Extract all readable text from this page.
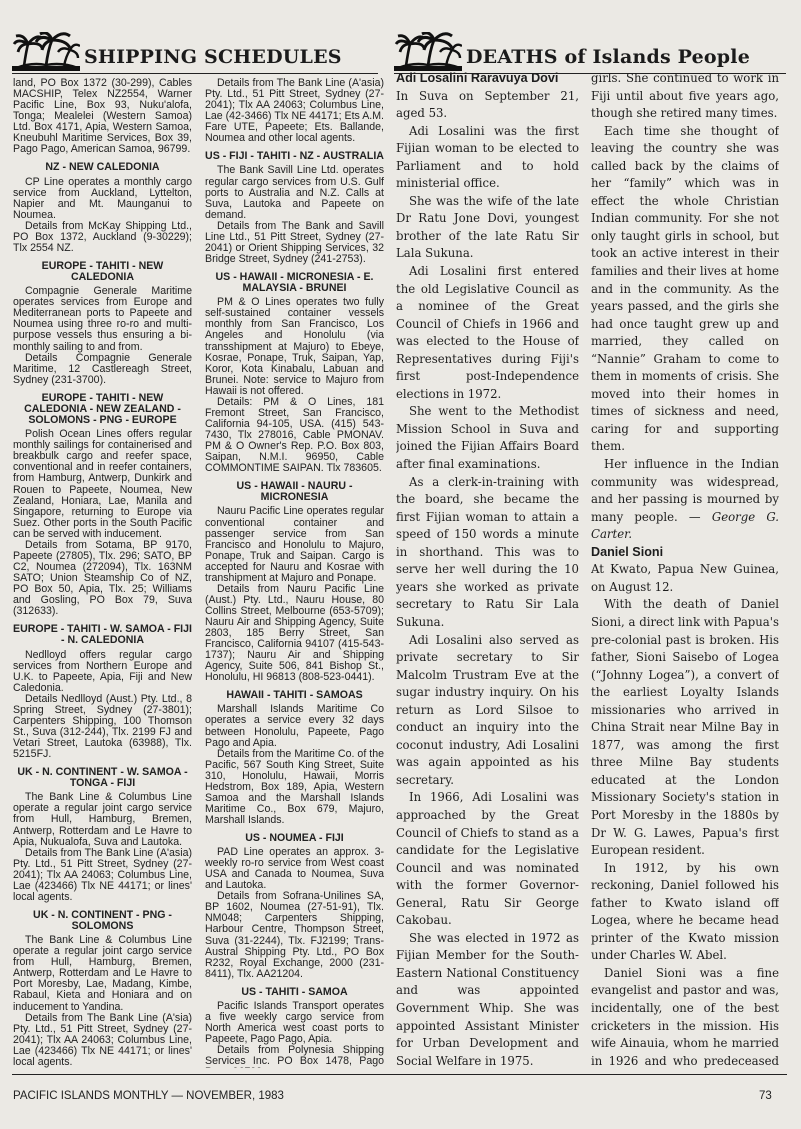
SHIPPING SCHEDULES	DEATHS of Islands People

land, PO Box 1372 (30-299), Cables MACSHIP, Telex NZ2554, Warner Pacific Line, Box 93, Nuku'alofa, Tonga; Mealelei (Western Samoa) Ltd. Box 4171, Apia, Western Samoa, Kneubuhl Maritime Services, Box 39, Pago Pago, American Samoa, 96799.

NZ - NEW CALEDONIA

CP Line operates a monthly cargo service from Auckland, Lyttelton, Napier and Mt. Maunganui to Noumea.

Details from McKay Shipping Ltd., PO Box 1372, Auckland (9-30229); Tlx 2554 NZ.

EUROPE - TAHITI - NEW CALEDONIA

Compagnie Generale Maritime operates services from Europe and Mediterranean ports to Papeete and Noumea using three ro-ro and multi-purpose vessels thus ensuring a bi-monthly sailing to and from.

Details Compagnie Generale Maritime, 12 Castlereagh Street, Sydney (231-3700).

EUROPE - TAHITI - NEW CALEDONIA - NEW ZEALAND - SOLOMONS - PNG - EUROPE

Polish Ocean Lines offers regular monthly sailings for containerised and breakbulk cargo and reefer space, conventional and in reefer containers, from Hamburg, Antwerp, Dunkirk and Rouen to Papeete, Noumea, New Zealand, Honiara, Lae, Manila and Singapore, returning to Europe via Suez. Other ports in the South Pacific can be served with inducement.

Details from Sotama, BP 9170, Papeete (27805), Tlx. 296; SATO, BP C2, Noumea (272094), Tlx. 163NM SATO; Union Steamship Co of NZ, PO Box 50, Apia, Tlx. 25; Williams and Gosling, PO Box 79, Suva (312633).

EUROPE - TAHITI - W. SAMOA - FIJI - N. CALEDONIA

Nedlloyd offers regular cargo services from Northern Europe and U.K. to Papeete, Apia, Fiji and New Caledonia.

Details Nedlloyd (Aust.) Pty. Ltd., 8 Spring Street, Sydney (27-3801); Carpenters Shipping, 100 Thomson St., Suva (312-244), Tlx. 2199 FJ and Vetari Street, Lautoka (63988), Tlx. 5215FJ.

UK - N. CONTINENT - W. SAMOA - TONGA - FIJI

The Bank Line & Columbus Line operate a regular joint cargo service from Hull, Hamburg, Bremen, Antwerp, Rotterdam and Le Havre to Apia, Nukualofa, Suva and Lautoka.

Details from The Bank Line (A'asia) Pty. Ltd., 51 Pitt Street, Sydney (27-2041); Tlx AA 24063; Columbus Line, Lae (423466) Tlx NE 44171; or lines' local agents.

UK - N. CONTINENT - PNG - SOLOMONS

The Bank Line & Columbus Line operate a regular joint cargo service from Hull, Hamburg, Bremen, Antwerp, Rotterdam and Le Havre to Port Moresby, Lae, Madang, Kimbe, Rabaul, Kieta and Honiara and on inducement to Yandina.

Details from The Bank Line (A'sia) Pty. Ltd., 51 Pitt Street, Sydney (27-2041); Tlx AA 24063; Columbus Line, Lae (423466) Tlx NE 44171; or lines' local agents.

Details from The Bank Line (A'asia) Pty. Ltd., 51 Pitt Street, Sydney (27-2041); Tlx AA 24063; Columbus Line, Lae (42-3466) Tlx NE 44171; Ets A.M. Fare UTE, Papeete; Ets. Ballande, Noumea and other local agents.

US - FIJI - TAHITI - NZ - AUSTRALIA

The Bank Savill Line Ltd. operates regular cargo services from U.S. Gulf ports to Australia and N.Z. Calls at Suva, Lautoka and Papeete on demand.

Details from The Bank and Savill Line Ltd., 51 Pitt Street, Sydney (27-2041) or Orient Shipping Services, 32 Bridge Street, Sydney (241-2753).

US - HAWAII - MICRONESIA - E. MALAYSIA - BRUNEI

PM & O Lines operates two fully self-sustained container vessels monthly from San Francisco, Los Angeles and Honolulu (via transshipment at Majuro) to Ebeye, Kosrae, Ponape, Truk, Saipan, Yap, Koror, Kota Kinabalu, Labuan and Brunei. Note: service to Majuro from Hawaii is not offered.

Details: PM & O Lines, 181 Fremont Street, San Francisco, California 94-105, USA. (415) 543-7430, Tlx 278016, Cable PMONAV. PM & O Owner's Rep. P.O. Box 803, Saipan, N.M.I. 96950, Cable COMMONTIME SAIPAN. Tlx 783605.

US - HAWAII - NAURU - MICRONESIA

Nauru Pacific Line operates regular conventional container and passenger service from San Francisco and Honolulu to Majuro, Ponape, Truk and Saipan. Cargo is accepted for Nauru and Kosrae with transhipment at Majuro and Ponape.

Details from Nauru Pacific Line (Aust.) Pty. Ltd., Nauru House, 80 Collins Street, Melbourne (653-5709); Nauru Air and Shipping Agency, Suite 2803, 185 Berry Street, San Francisco, California 94107 (415-543-1737); Nauru Air and Shipping Agency, Suite 506, 841 Bishop St., Honolulu, HI 96813 (808-523-0441).

HAWAII - TAHITI - SAMOAS

Marshall Islands Maritime Co operates a service every 32 days between Honolulu, Papeete, Pago Pago and Apia.

Details from the Maritime Co. of the Pacific, 567 South King Street, Suite 310, Honolulu, Hawaii, Morris Hedstrom, Box 189, Apia, Western Samoa and the Marshall Islands Maritime Co., Box 679, Majuro, Marshall Islands.

US - NOUMEA - FIJI

PAD Line operates an approx. 3-weekly ro-ro service from West coast USA and Canada to Noumea, Suva and Lautoka.

Details from Sofrana-Unilines SA, BP 1602, Noumea (27-51-91), Tlx. NM048; Carpenters Shipping, Harbour Centre, Thompson Street, Suva (31-2244), Tlx. FJ2199; Trans-Austral Shipping Pty. Ltd., PO Box R232, Royal Exchange, 2000 (231-8411), Tlx. AA21204.

US - TAHITI - SAMOA

Pacific Islands Transport operates a five weekly cargo service from North America west coast ports to Papeete, Pago Pago, Apia.

Details from Polynesia Shipping Services Inc. PO Box 1478, Pago

Adi Losalini Raravuya Dovi

In Suva on September 21, aged 53.

Adi Losalini was the first Fijian woman to be elected to Parliament and to hold ministerial office.

She was the wife of the late Dr Ratu Jone Dovi, youngest brother of the late Ratu Sir Lala Sukuna.

Adi Losalini first entered the old Legislative Council as a nominee of the Great Council of Chiefs in 1966 and was elected to the House of Representatives during Fiji's first post-Independence elections in 1972.

She went to the Methodist Mission School in Suva and joined the Fijian Affairs Board after final examinations.

As a clerk-in-training with the board, she became the first Fijian woman to attain a speed of 150 words a minute in shorthand. This was to serve her well during the 10 years she worked as private secretary to Ratu Sir Lala Sukuna.

Adi Losalini also served as private secretary to Sir Malcolm Trustram Eve at the sugar industry inquiry. On his return as Lord Silsoe to conduct an inquiry into the coconut industry, Adi Losalini was again appointed as his secretary.

In 1966, Adi Losalini was approached by the Great Council of Chiefs to stand as a candidate for the Legislative Council and was nominated with the former Governor-General, Ratu Sir George Cakobau.

She was elected in 1972 as Fijian Member for the South-Eastern National Constituency and was appointed Government Whip. She was appointed Assistant Minister for Urban Development and Social Welfare in 1975.

girls. She continued to work in Fiji until about five years ago, though she retired many times.

Each time she thought of leaving the country she was called back by the claims of her “family” which was in effect the whole Christian Indian community. For she not only taught girls in school, but took an active interest in their families and their lives at home and in the community. As the years passed, and the girls she had once taught grew up and married, they called on “Nannie” Graham to come to them in moments of crisis. She moved into their homes in times of sickness and need, caring for and supporting them.

Her influence in the Indian community was widespread, and her passing is mourned by many people. — George G. Carter.

Daniel Sioni

At Kwato, Papua New Guinea, on August 12.

With the death of Daniel Sioni, a direct link with Papua's pre-colonial past is broken. His father, Sioni Saisebo of Logea (“Johnny Logea”), a convert of the earliest Loyalty Islands missionaries who arrived in China Strait near Milne Bay in 1877, was among the first three Milne Bay students educated at the London Missionary Society's station in Port Moresby in the 1880s by Dr W. G. Lawes, Papua's first European resident.

In 1912, by his own reckoning, Daniel followed his father to Kwato island off Logea, where he became head printer of the Kwato mission under Charles W. Abel.

Daniel Sioni was a fine evangelist and pastor and was, incidentally, one of the best cricketers in the mission. His wife Ainauia, whom he married in 1926 and who predeceased

PACIFIC ISLANDS MONTHLY — NOVEMBER, 1983	73
